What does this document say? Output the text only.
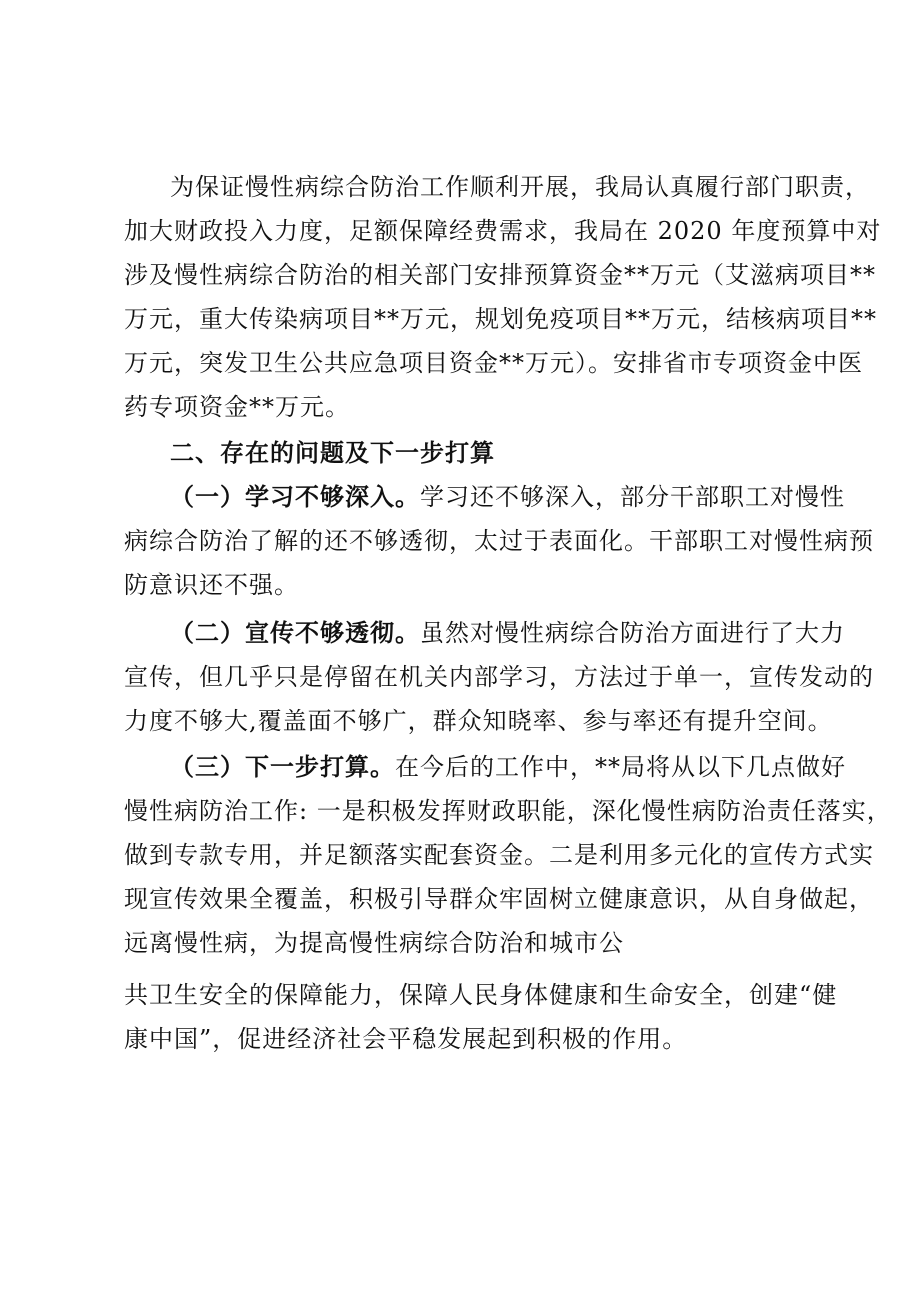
为保证慢性病综合防治工作顺利开展，我局认真履行部门职责，
加大财政投入力度，足额保障经费需求，我局在 2020 年度预算中对
涉及慢性病综合防治的相关部门安排预算资金**万元（艾滋病项目**
万元，重大传染病项目**万元，规划免疫项目**万元，结核病项目**
万元，突发卫生公共应急项目资金**万元）。安排省市专项资金中医
药专项资金**万元。
二、存在的问题及下一步打算
（一）学习不够深入。学习还不够深入，部分干部职工对慢性
病综合防治了解的还不够透彻，太过于表面化。干部职工对慢性病预
防意识还不强。
（二）宣传不够透彻。虽然对慢性病综合防治方面进行了大力
宣传，但几乎只是停留在机关内部学习，方法过于单一，宣传发动的
力度不够大,覆盖面不够广，群众知晓率、参与率还有提升空间。
（三）下一步打算。在今后的工作中，**局将从以下几点做好
慢性病防治工作: 一是积极发挥财政职能，深化慢性病防治责任落实，
做到专款专用，并足额落实配套资金。二是利用多元化的宣传方式实
现宣传效果全覆盖，积极引导群众牢固树立健康意识，从自身做起，
远离慢性病，为提高慢性病综合防治和城市公
共卫生安全的保障能力，保障人民身体健康和生命安全，创建“健
康中国”，促进经济社会平稳发展起到积极的作用。
